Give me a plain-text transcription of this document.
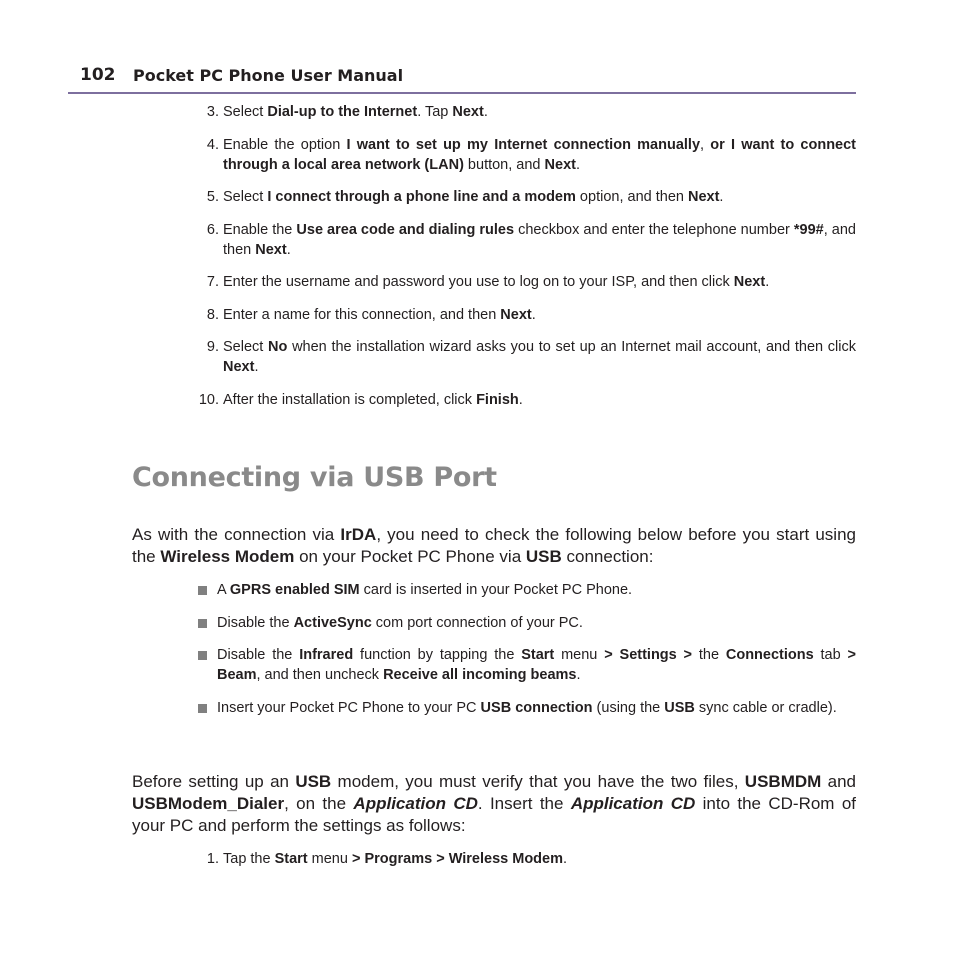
102 Pocket PC Phone User Manual
3. Select Dial-up to the Internet. Tap Next.
4. Enable the option I want to set up my Internet connection manually, or I want to connect through a local area network (LAN) button, and Next.
5. Select I connect through a phone line and a modem option, and then Next.
6. Enable the Use area code and dialing rules checkbox and enter the telephone number *99#, and then Next.
7. Enter the username and password you use to log on to your ISP, and then click Next.
8. Enter a name for this connection, and then Next.
9. Select No when the installation wizard asks you to set up an Internet mail account, and then click Next.
10. After the installation is completed, click Finish.
Connecting via USB Port

As with the connection via IrDA, you need to check the following below before you start using the Wireless Modem on your Pocket PC Phone via USB connection:

A GPRS enabled SIM card is inserted in your Pocket PC Phone.
Disable the ActiveSync com port connection of your PC.
Disable the Infrared function by tapping the Start menu > Settings > the Connections tab > Beam, and then uncheck Receive all incoming beams.
Insert your Pocket PC Phone to your PC USB connection (using the USB sync cable or cradle).

Before setting up an USB modem, you must verify that you have the two files, USBMDM and USBModem_Dialer, on the Application CD. Insert the Application CD into the CD-Rom of your PC and perform the settings as follows:

1. Tap the Start menu > Programs > Wireless Modem.
